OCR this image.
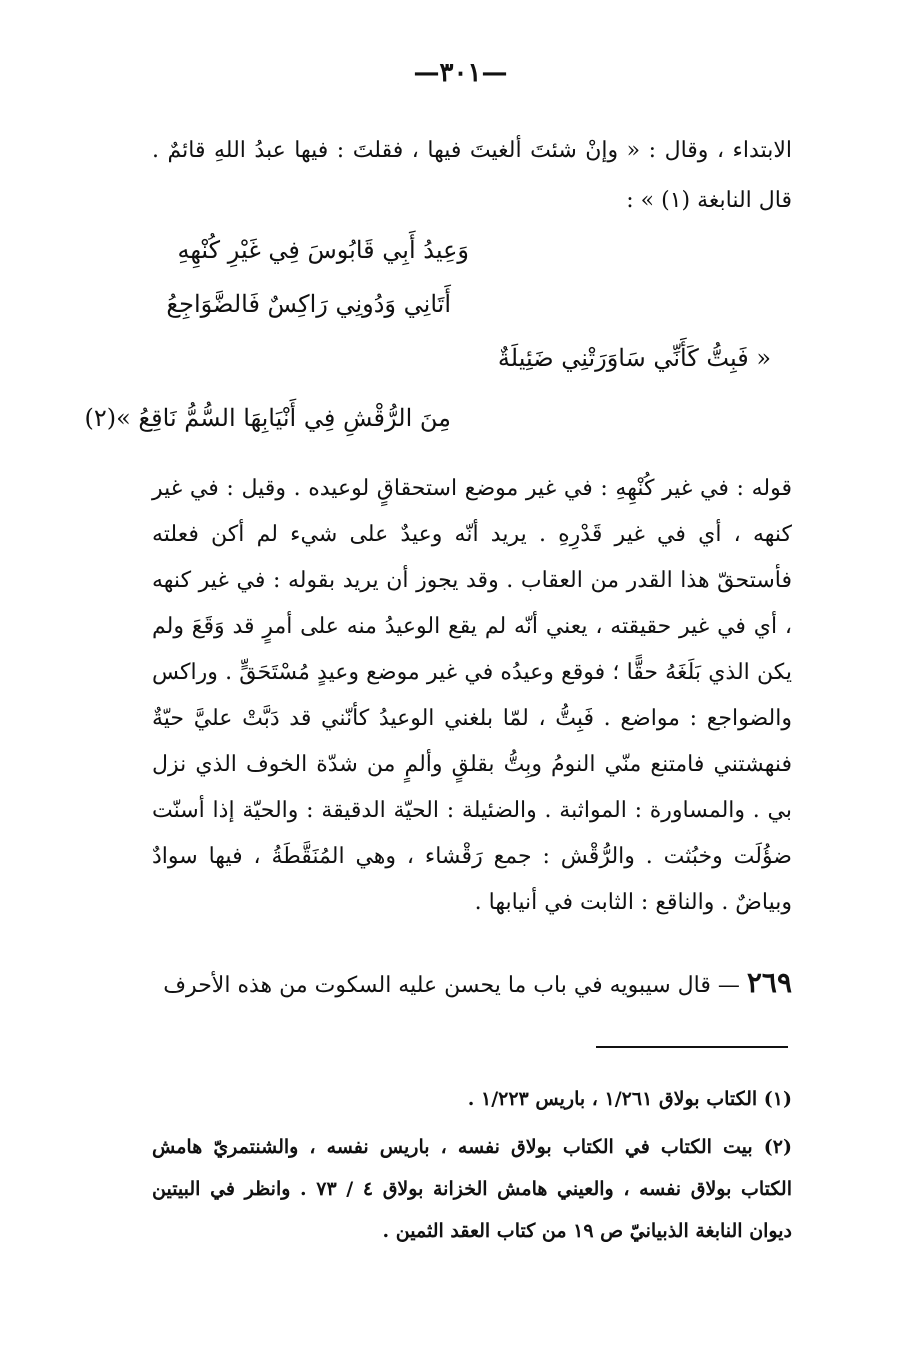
—٣٠١—
الابتداء ، وقال : « وإنْ شئتَ ألغيتَ فيها ، فقلتَ : فيها عبدُ اللهِ قائمٌ . قال النابغة (١) » :
وَعِيدُ أَبِي قَابُوسَ فِي غَيْرِ كُنْهِهِ
أَتَانِي وَدُونِي رَاكِسٌ فَالضَّوَاجِعُ
« فَبِتُّ كَأَنِّي سَاوَرَتْنِي ضَئِيلَةٌ
مِنَ الرُّقْشِ فِي أَنْيَابِهَا السُّمُّ نَاقِعُ »(٢)

قوله : في غير كُنْهِهِ : في غير موضع استحقاقٍ لوعيده . وقيل : في غير كنهه ، أي في غير قَدْرِهِ . يريد أنّه وعيدٌ على شيء لم أكن فعلته فأستحقّ هذا القدر من العقاب . وقد يجوز أن يريد بقوله : في غير كنهه ، أي في غير حقيقته ، يعني أنّه لم يقع الوعيدُ منه على أمرٍ قد وَقَعَ ولم يكن الذي بَلَغَهُ حقًّا ؛ فوقع وعيدُه في غير موضع وعيدٍ مُسْتَحَقٍّ . وراكس والضواجع : مواضع . فَبِتُّ ، لمّا بلغني الوعيدُ كأنّني قد دَبَّتْ عليَّ حيّةٌ فنهشتني فامتنع منّي النومُ وبِتُّ بقلقٍ وألمٍ من شدّة الخوف الذي نزل بي . والمساورة : المواثبة . والضئيلة : الحيّة الدقيقة : والحيّة إذا أسنّت ضؤُلَت وخبُثت . والرُّقْش : جمع رَقْشاء ، وهي المُنَقَّطَةُ ، فيها سوادٌ وبياضٌ . والناقع : الثابت في أنيابها .

٢٦٩ — قال سيبويه في باب ما يحسن عليه السكوت من هذه الأحرف

(١) الكتاب بولاق ١/٢٦١ ، باريس ١/٢٢٣ .

(٢) بيت الكتاب في الكتاب بولاق نفسه ، باريس نفسه ، والشنتمريّ هامش الكتاب بولاق نفسه ، والعيني هامش الخزانة بولاق ٤ / ٧٣ . وانظر في البيتين ديوان النابغة الذبيانيّ ص ١٩ من كتاب العقد الثمين .
